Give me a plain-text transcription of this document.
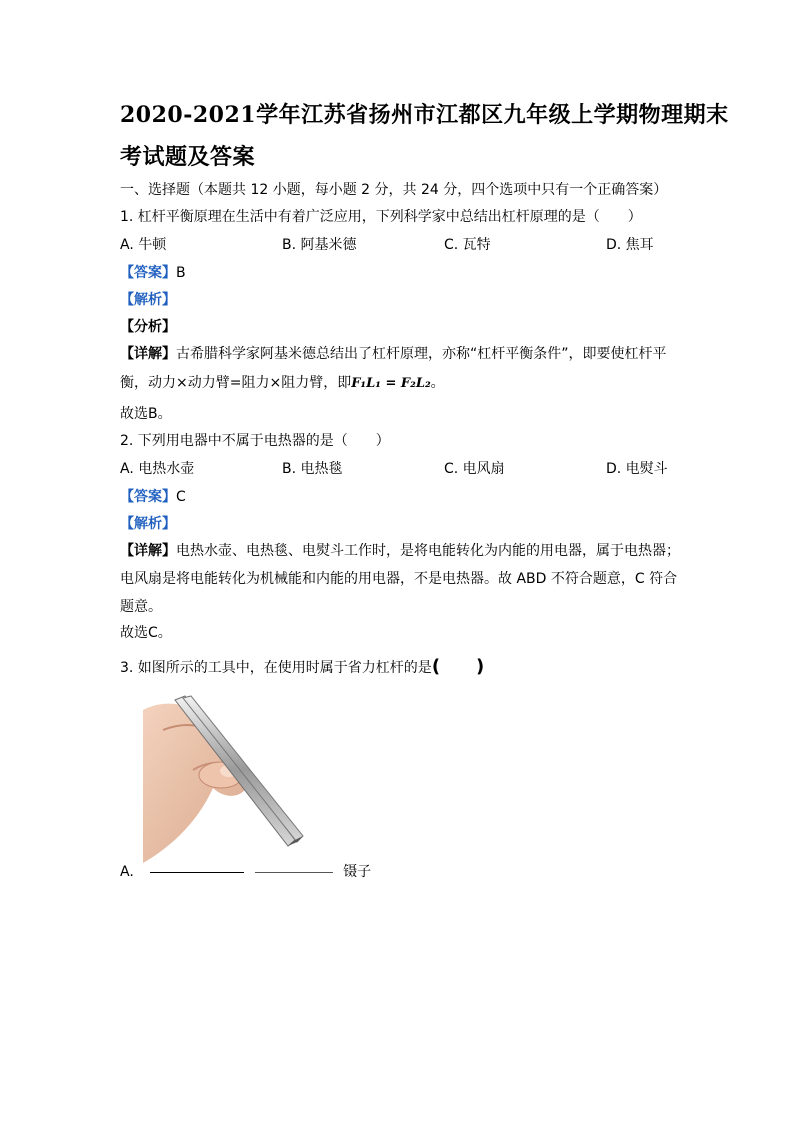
2020-2021学年江苏省扬州市江都区九年级上学期物理期末
考试题及答案
一、选择题（本题共 12 小题，每小题 2 分，共 24 分，四个选项中只有一个正确答案）
1. 杠杆平衡原理在生活中有着广泛应用，下列科学家中总结出杠杆原理的是（　　）
A. 牛顿	B. 阿基米德	C. 瓦特	D. 焦耳
【答案】B
【解析】
【分析】
【详解】古希腊科学家阿基米德总结出了杠杆原理，亦称“杠杆平衡条件”，即要使杠杆平
衡，动力×动力臂=阻力×阻力臂，即F₁L₁ = F₂L₂。
故选B。
2. 下列用电器中不属于电热器的是（　　）
A. 电热水壶	B. 电热毯	C. 电风扇	D. 电熨斗
【答案】C
【解析】
【详解】电热水壶、电热毯、电熨斗工作时，是将电能转化为内能的用电器，属于电热器；
电风扇是将电能转化为机械能和内能的用电器，不是电热器。故 ABD 不符合题意，C 符合
题意。
故选C。
3. 如图所示的工具中，在使用时属于省力杠杆的是(　　)
A.	镊子
